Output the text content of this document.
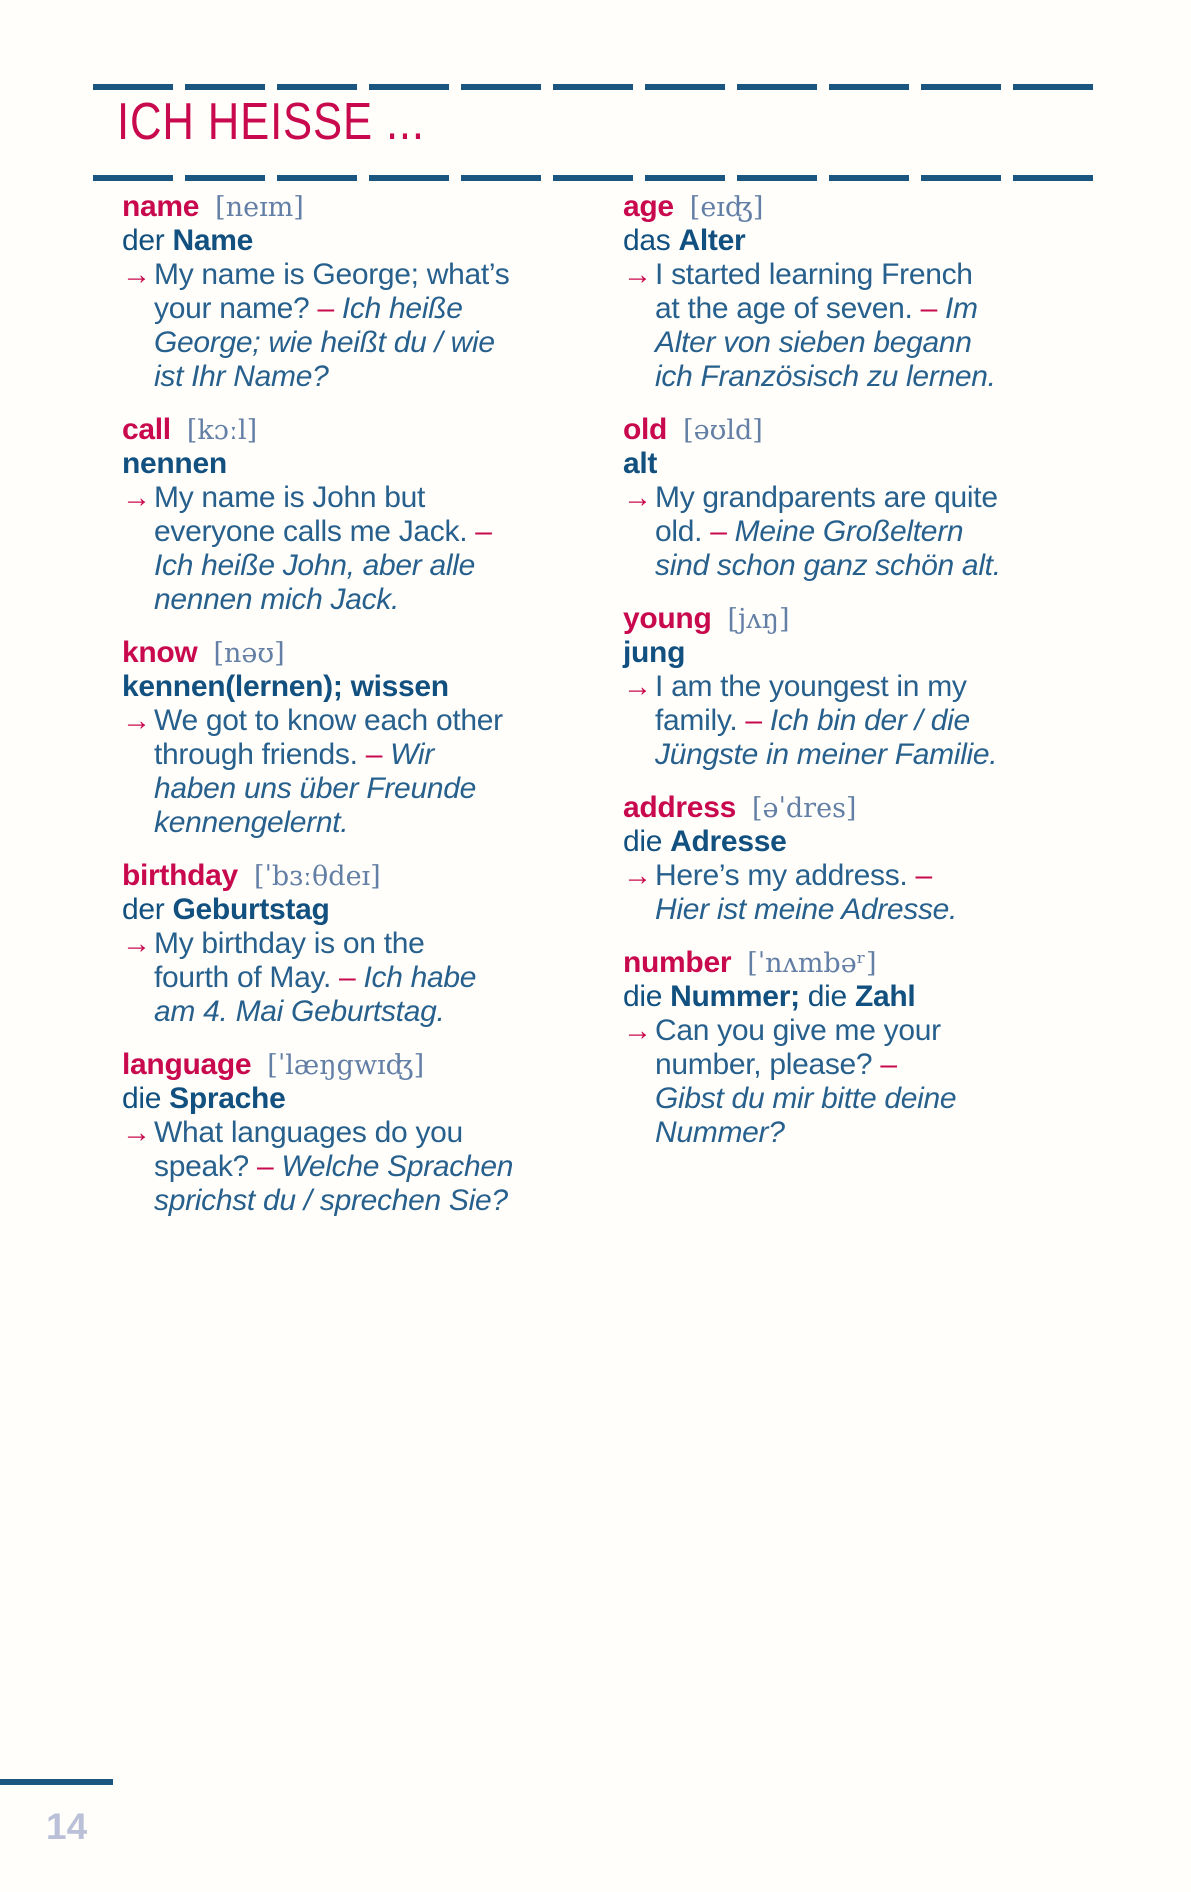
ICH HEISSE ...
name [neɪm]
der Name
→ My name is George; what’s
your name? – Ich heiße
George; wie heißt du / wie
ist Ihr Name?
call [kɔːl]
nennen
→ My name is John but
everyone calls me Jack. –
Ich heiße John, aber alle
nennen mich Jack.
know [nəʊ]
kennen(lernen); wissen
→ We got to know each other
through friends. – Wir
haben uns über Freunde
kennengelernt.
birthday [ˈbɜːθdeɪ]
der Geburtstag
→ My birthday is on the
fourth of May. – Ich habe
am 4. Mai Geburtstag.
language [ˈlæŋgwɪʤ]
die Sprache
→ What languages do you
speak? – Welche Sprachen
sprichst du / sprechen Sie?
age [eɪʤ]
das Alter
→ I started learning French
at the age of seven. – Im
Alter von sieben begann
ich Französisch zu lernen.
old [əʊld]
alt
→ My grandparents are quite
old. – Meine Großeltern
sind schon ganz schön alt.
young [jʌŋ]
jung
→ I am the youngest in my
family. – Ich bin der / die
Jüngste in meiner Familie.
address [əˈdres]
die Adresse
→ Here’s my address. –
Hier ist meine Adresse.
number [ˈnʌmbəʳ]
die Nummer; die Zahl
→ Can you give me your
number, please? –
Gibst du mir bitte deine
Nummer?
14
